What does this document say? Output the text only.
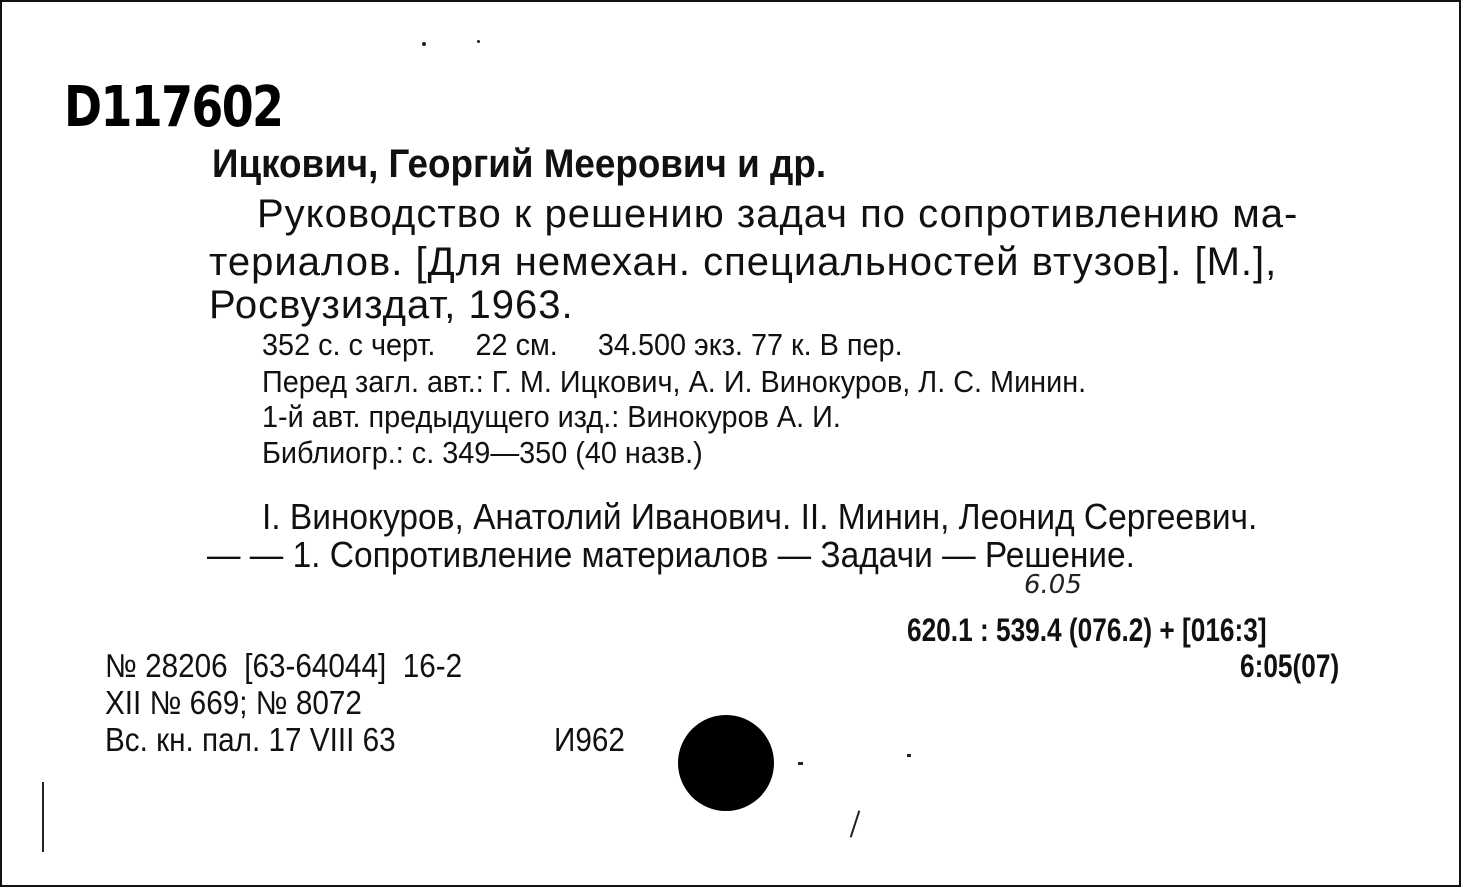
D117602
Ицкович, Георгий Меерович и др.
Руководство к решению задач по сопротивлению ма-
териалов. [Для немехан. специальностей втузов]. [М.],
Росвузиздат, 1963.
352 с. с черт.     22 см.     34.500 экз. 77 к. В пер.
Перед загл. авт.: Г. М. Ицкович, А. И. Винокуров, Л. С. Минин.
1-й авт. предыдущего изд.: Винокуров А. И.
Библиогр.: с. 349—350 (40 назв.)
I. Винокуров, Анатолий Иванович. II. Минин, Леонид Сергеевич.
— — 1. Сопротивление материалов — Задачи — Решение.
6.05
620.1 : 539.4 (076.2) + [016:3]
6:05(07)
№ 28206  [63-64044]  16-2
XII № 669; № 8072
Вс. кн. пал. 17 VIII 63	И962
